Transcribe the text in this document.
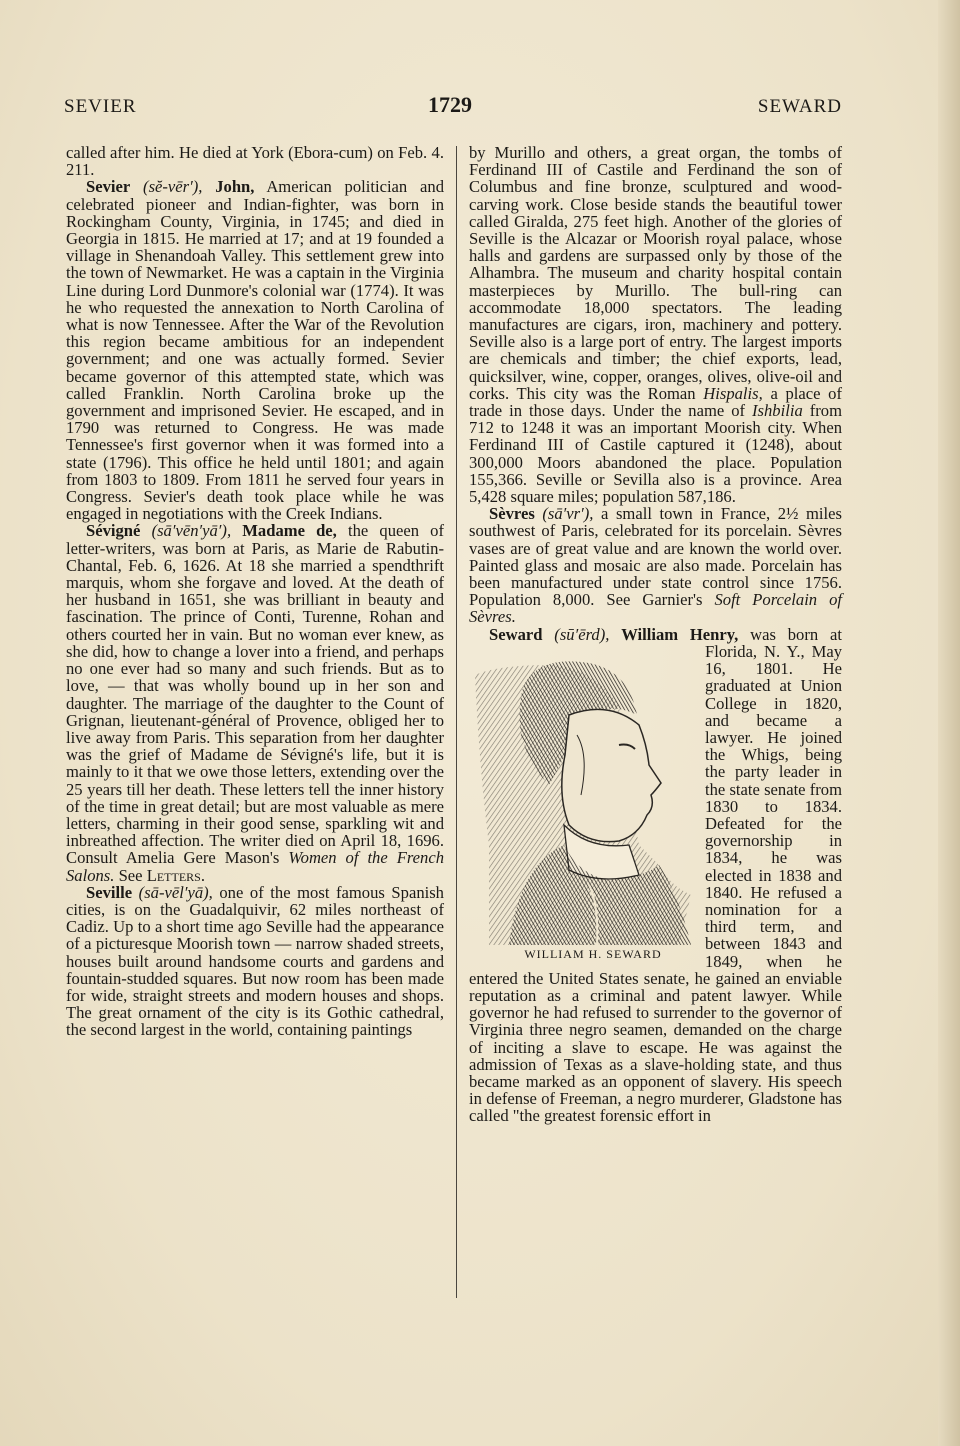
SEVIER	1729	SEWARD

called after him. He died at York (Ebora-cum) on Feb. 4. 211.

Sevier (sĕ-vēr′), John, American politician and celebrated pioneer and Indian-fighter, was born in Rockingham County, Virginia, in 1745; and died in Georgia in 1815. He married at 17; and at 19 founded a village in Shenandoah Valley. This settlement grew into the town of Newmarket. He was a captain in the Virginia Line during Lord Dunmore's colonial war (1774). It was he who requested the annexation to North Carolina of what is now Tennessee. After the War of the Revolution this region became ambitious for an independent government; and one was actually formed. Sevier became governor of this attempted state, which was called Franklin. North Carolina broke up the government and imprisoned Sevier. He escaped, and in 1790 was returned to Congress. He was made Tennessee's first governor when it was formed into a state (1796). This office he held until 1801; and again from 1803 to 1809. From 1811 he served four years in Congress. Sevier's death took place while he was engaged in negotiations with the Creek Indians.

Sévigné (sā′vēn′yā′), Madame de, the queen of letter-writers, was born at Paris, as Marie de Rabutin-Chantal, Feb. 6, 1626. At 18 she married a spendthrift marquis, whom she forgave and loved. At the death of her husband in 1651, she was brilliant in beauty and fascination. The prince of Conti, Turenne, Rohan and others courted her in vain. But no woman ever knew, as she did, how to change a lover into a friend, and perhaps no one ever had so many and such friends. But as to love, — that was wholly bound up in her son and daughter. The marriage of the daughter to the Count of Grignan, lieutenant-général of Provence, obliged her to live away from Paris. This separation from her daughter was the grief of Madame de Sévigné's life, but it is mainly to it that we owe those letters, extending over the 25 years till her death. These letters tell the inner history of the time in great detail; but are most valuable as mere letters, charming in their good sense, sparkling wit and inbreathed affection. The writer died on April 18, 1696. Consult Amelia Gere Mason's Women of the French Salons. See Letters.

Seville (sā-vēl′yā), one of the most famous Spanish cities, is on the Guadalquivir, 62 miles northeast of Cadiz. Up to a short time ago Seville had the appearance of a picturesque Moorish town — narrow shaded streets, houses built around handsome courts and gardens and fountain-studded squares. But now room has been made for wide, straight streets and modern houses and shops. The great ornament of the city is its Gothic cathedral, the second largest in the world, containing paintings

by Murillo and others, a great organ, the tombs of Ferdinand III of Castile and Ferdinand the son of Columbus and fine bronze, sculptured and wood-carving work. Close beside stands the beautiful tower called Giralda, 275 feet high. Another of the glories of Seville is the Alcazar or Moorish royal palace, whose halls and gardens are surpassed only by those of the Alhambra. The museum and charity hospital contain masterpieces by Murillo. The bull-ring can accommodate 18,000 spectators. The leading manufactures are cigars, iron, machinery and pottery. Seville also is a large port of entry. The largest imports are chemicals and timber; the chief exports, lead, quicksilver, wine, copper, oranges, olives, olive-oil and corks. This city was the Roman Hispalis, a place of trade in those days. Under the name of Ishbilia from 712 to 1248 it was an important Moorish city. When Ferdinand III of Castile captured it (1248), about 300,000 Moors abandoned the place. Population 155,366. Seville or Sevilla also is a province. Area 5,428 square miles; population 587,186.

Sèvres (sā′vr′), a small town in France, 2½ miles southwest of Paris, celebrated for its porcelain. Sèvres vases are of great value and are known the world over. Painted glass and mosaic are also made. Porcelain has been manufactured under state control since 1756. Population 8,000. See Garnier's Soft Porcelain of Sèvres.

Seward (sū′ērd), William Henry,
WILLIAM H. SEWARD
was born at Florida, N. Y., May 16, 1801. He graduated at Union College in 1820, and became a lawyer. He joined the Whigs, being the party leader in the state senate from 1830 to 1834. Defeated for the governorship in 1834, he was elected in 1838 and 1840. He refused a nomination for a third term, and between 1843 and 1849, when he entered the United States senate, he gained an enviable reputation as a criminal and patent lawyer. While governor he had refused to surrender to the governor of Virginia three negro seamen, demanded on the charge of inciting a slave to escape. He was against the admission of Texas as a slave-holding state, and thus became marked as an opponent of slavery. His speech in defense of Freeman, a negro murderer, Gladstone has called "the greatest forensic effort in
